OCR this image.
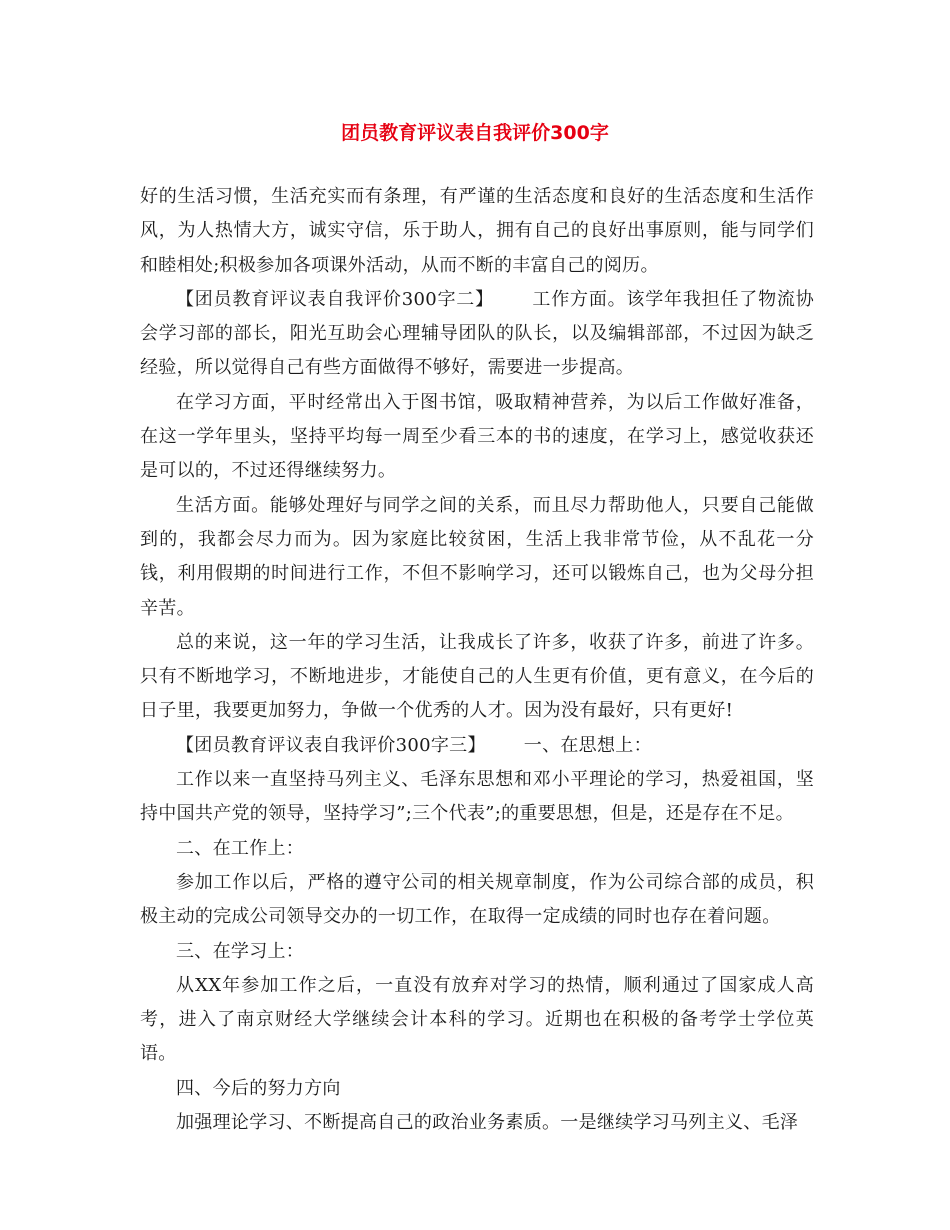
团员教育评议表自我评价300字

好的生活习惯，生活充实而有条理，有严谨的生活态度和良好的生活态度和生活作风，为人热情大方，诚实守信，乐于助人，拥有自己的良好出事原则，能与同学们和睦相处;积极参加各项课外活动，从而不断的丰富自己的阅历。

【团员教育评议表自我评价300字二】 工作方面。该学年我担任了物流协会学习部的部长，阳光互助会心理辅导团队的队长，以及编辑部部，不过因为缺乏经验，所以觉得自己有些方面做得不够好，需要进一步提高。

在学习方面，平时经常出入于图书馆，吸取精神营养，为以后工作做好准备，在这一学年里头，坚持平均每一周至少看三本的书的速度，在学习上，感觉收获还是可以的，不过还得继续努力。

生活方面。能够处理好与同学之间的关系，而且尽力帮助他人，只要自己能做到的，我都会尽力而为。因为家庭比较贫困，生活上我非常节俭，从不乱花一分钱，利用假期的时间进行工作，不但不影响学习，还可以锻炼自己，也为父母分担辛苦。

总的来说，这一年的学习生活，让我成长了许多，收获了许多，前进了许多。只有不断地学习，不断地进步，才能使自己的人生更有价值，更有意义，在今后的日子里，我要更加努力，争做一个优秀的人才。因为没有最好，只有更好!

【团员教育评议表自我评价300字三】 一、在思想上：

工作以来一直坚持马列主义、毛泽东思想和邓小平理论的学习，热爱祖国，坚持中国共产党的领导，坚持学习”;三个代表”;的重要思想，但是，还是存在不足。

二、在工作上：

参加工作以后，严格的遵守公司的相关规章制度，作为公司综合部的成员，积极主动的完成公司领导交办的一切工作，在取得一定成绩的同时也存在着问题。

三、在学习上：

从XX年参加工作之后，一直没有放弃对学习的热情，顺利通过了国家成人高考，进入了南京财经大学继续会计本科的学习。近期也在积极的备考学士学位英语。

四、今后的努力方向

加强理论学习、不断提高自己的政治业务素质。一是继续学习马列主义、毛泽
